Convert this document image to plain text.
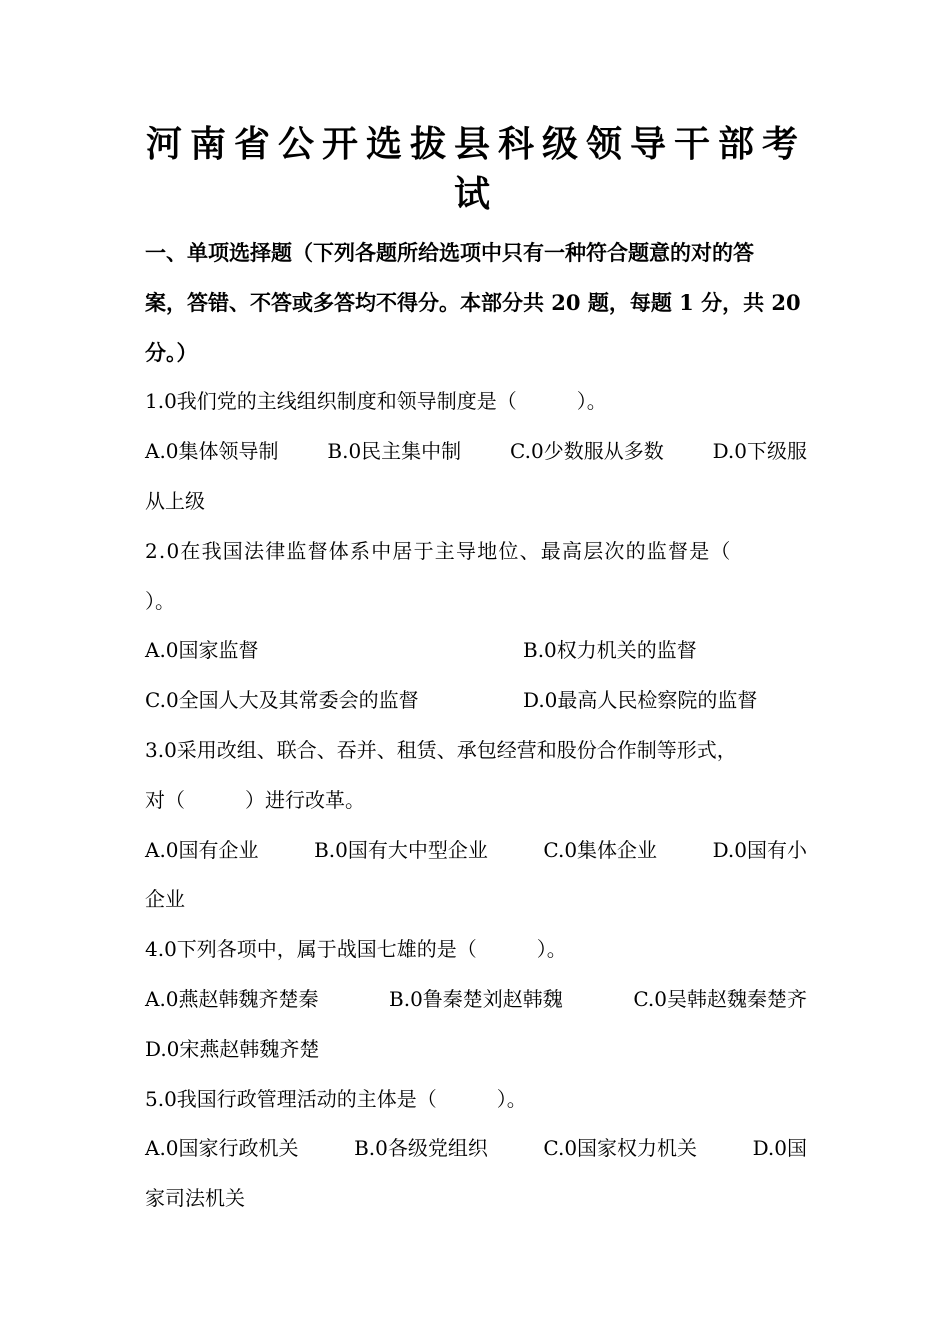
河南省公开选拔县科级领导干部考
试

一、单项选择题（下列各题所给选项中只有一种符合题意的对的答

案，答错、不答或多答均不得分。本部分共 20 题，每题 1 分，共 20

分。）

1.0我们党的主线组织制度和领导制度是（　　　）。

A.0集体领导制 B.0民主集中制 C.0少数服从多数 D.0下级服

从上级

2.0在我国法律监督体系中居于主导地位、最高层次的监督是（

）。

A.0国家监督	B.0权力机关的监督
C.0全国人大及其常委会的监督	D.0最高人民检察院的监督

3.0采用改组、联合、吞并、租赁、承包经营和股份合作制等形式，

对（　　　）进行改革。

A.0国有企业	B.0国有大中型企业	C.0集体企业	D.0国有小

企业

4.0下列各项中，属于战国七雄的是（　　　）。

A.0燕赵韩魏齐楚秦	B.0鲁秦楚刘赵韩魏	C.0吴韩赵魏秦楚齐

D.0宋燕赵韩魏齐楚

5.0我国行政管理活动的主体是（　　　）。

A.0国家行政机关	B.0各级党组织	C.0国家权力机关	D.0国

家司法机关
